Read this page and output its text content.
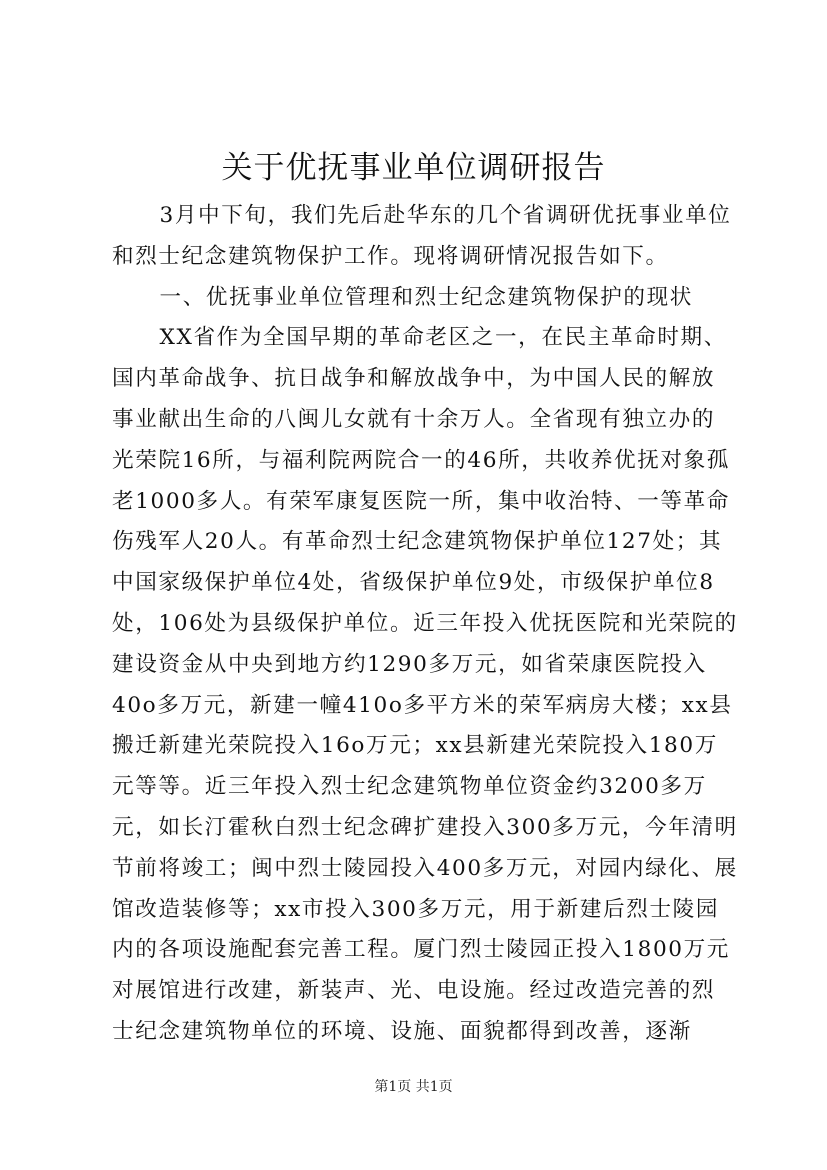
关于优抚事业单位调研报告

3月中下旬，我们先后赴华东的几个省调研优抚事业单位和烈士纪念建筑物保护工作。现将调研情况报告如下。

一、优抚事业单位管理和烈士纪念建筑物保护的现状

XX省作为全国早期的革命老区之一，在民主革命时期、国内革命战争、抗日战争和解放战争中，为中国人民的解放事业献出生命的八闽儿女就有十余万人。全省现有独立办的光荣院16所，与福利院两院合一的46所，共收养优抚对象孤老1000多人。有荣军康复医院一所，集中收治特、一等革命伤残军人20人。有革命烈士纪念建筑物保护单位127处；其中国家级保护单位4处，省级保护单位9处，市级保护单位8处，106处为县级保护单位。近三年投入优抚医院和光荣院的建设资金从中央到地方约1290多万元，如省荣康医院投入40o多万元，新建一幢410o多平方米的荣军病房大楼；xx县搬迁新建光荣院投入16o万元；xx县新建光荣院投入180万元等等。近三年投入烈士纪念建筑物单位资金约3200多万元，如长汀霍秋白烈士纪念碑扩建投入300多万元，今年清明节前将竣工；闽中烈士陵园投入400多万元，对园内绿化、展馆改造装修等；xx市投入300多万元，用于新建后烈士陵园内的各项设施配套完善工程。厦门烈士陵园正投入1800万元对展馆进行改建，新装声、光、电设施。经过改造完善的烈士纪念建筑物单位的环境、设施、面貌都得到改善，逐渐

第1页 共1页
